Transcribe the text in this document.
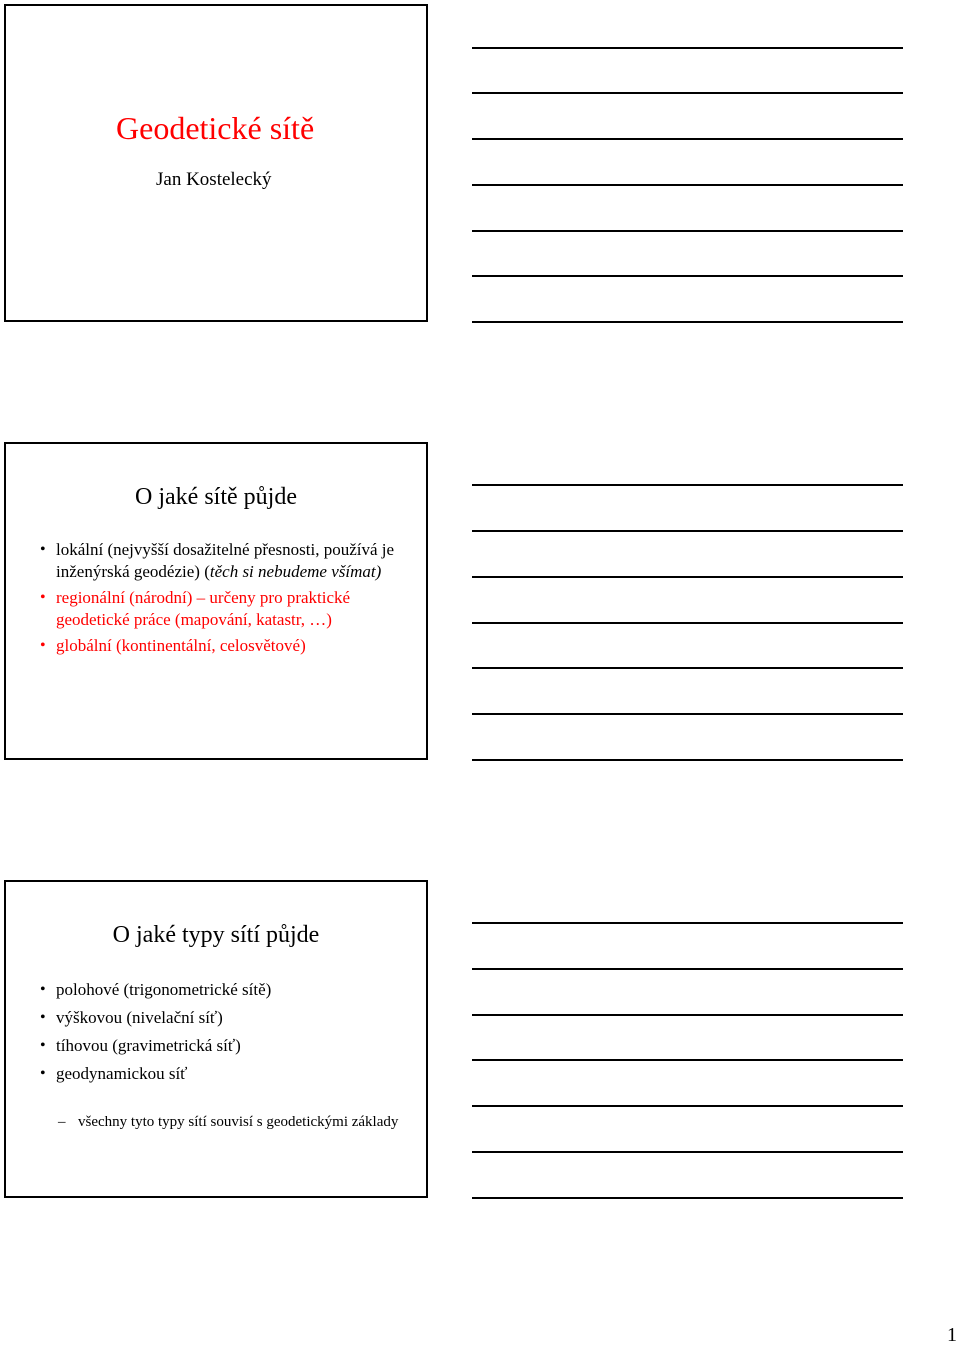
Geodetické sítě
Jan Kostelecký
O jaké sítě půjde
• lokální (nejvyšší dosažitelné přesnosti, používá je inženýrská geodézie) (těch si nebudeme všímat)
• regionální (národní) – určeny pro praktické geodetické práce (mapování, katastr, …)
• globální (kontinentální, celosvětové)
O jaké typy sítí půjde
• polohové (trigonometrické sítě)
• výškovou (nivelační síť)
• tíhovou (gravimetrická síť)
• geodynamickou síť
– všechny tyto typy sítí souvisí s geodetickými základy
1
